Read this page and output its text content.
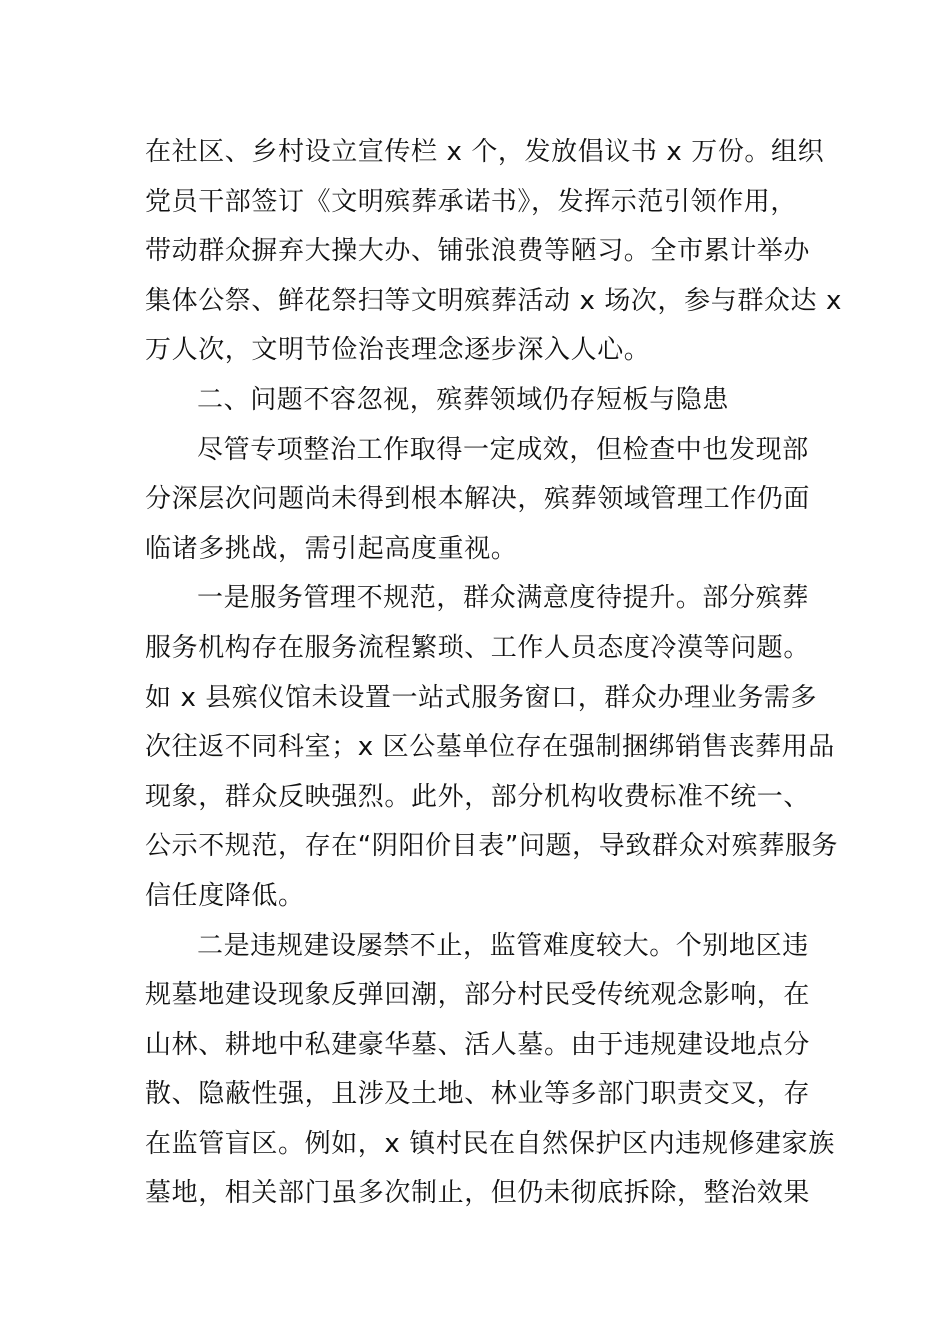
在社区、乡村设立宣传栏 x 个，发放倡议书 x 万份。组织
党员干部签订《文明殡葬承诺书》，发挥示范引领作用，
带动群众摒弃大操大办、铺张浪费等陋习。全市累计举办
集体公祭、鲜花祭扫等文明殡葬活动 x 场次，参与群众达 x
万人次，文明节俭治丧理念逐步深入人心。
二、问题不容忽视，殡葬领域仍存短板与隐患
尽管专项整治工作取得一定成效，但检查中也发现部
分深层次问题尚未得到根本解决，殡葬领域管理工作仍面
临诸多挑战，需引起高度重视。
一是服务管理不规范，群众满意度待提升。部分殡葬
服务机构存在服务流程繁琐、工作人员态度冷漠等问题。
如 x 县殡仪馆未设置一站式服务窗口，群众办理业务需多
次往返不同科室；x 区公墓单位存在强制捆绑销售丧葬用品
现象，群众反映强烈。此外，部分机构收费标准不统一、
公示不规范，存在“阴阳价目表”问题，导致群众对殡葬服务
信任度降低。
二是违规建设屡禁不止，监管难度较大。个别地区违
规墓地建设现象反弹回潮，部分村民受传统观念影响，在
山林、耕地中私建豪华墓、活人墓。由于违规建设地点分
散、隐蔽性强，且涉及土地、林业等多部门职责交叉，存
在监管盲区。例如，x 镇村民在自然保护区内违规修建家族
墓地，相关部门虽多次制止，但仍未彻底拆除，整治效果
